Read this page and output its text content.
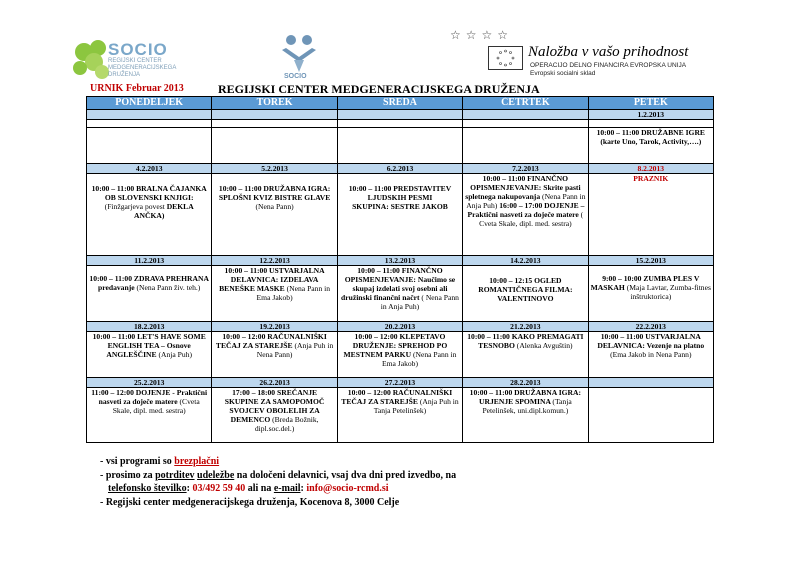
SOCIO
REGIJSKI CENTER MEDGENERACIJSKEGA DRUŽENJA	SOCIO
☆ ☆ ☆ ☆
Naložba v vašo prihodnost
OPERACIJO DELNO FINANCIRA EVROPSKA UNIJA
Evropski socialni sklad
URNIK Februar 2013	REGIJSKI CENTER MEDGENERACIJSKEGA DRUŽENJA
PONEDELJEK	TOREK	SREDA	ČETRTEK	PETEK
				1.2.2013

				10:00 – 11:00 DRUŽABNE IGRE (karte Uno, Tarok, Activity,….)
4.2.2013	5.2.2013	6.2.2013	7.2.2013	8.2.2013

10:00 – 11:00 BRALNA ČAJANKA OB SLOVENSKI KNJIGI: (Finžgarjeva povest DEKLA ANČKA)	10:00 – 11:00 DRUŽABNA IGRA: SPLOŠNI KVIZ BISTRE GLAVE (Nena Pann)	10:00 – 11:00 PREDSTAVITEV LJUDSKIH PESMI
SKUPINA: SESTRE JAKOB	10:00 – 11:00 FINANČNO OPISMENJEVANJE: Skrite pasti spletnega nakupovanja (Nena Pann in Anja Puh) 16:00 – 17:00 DOJENJE – Praktični nasveti za doječe matere ( Cveta Skale, dipl. med. sestra)	PRAZNIK
11.2.2013	12.2.2013	13.2.2013	14.2.2013	15.2.2013

10:00 – 11:00 ZDRAVA PREHRANA predavanje (Nena Pann živ. teh.)	10:00 – 11:00 USTVARJALNA DELAVNICA: IZDELAVA BENEŠKE MASKE (Nena Pann in Ema Jakob)	10:00 – 11:00 FINANČNO OPISMENJEVANJE: Naučimo se skupaj izdelati svoj osebni ali družinski finančni načrt ( Nena Pann in Anja Puh)	10:00 – 12:15 OGLED ROMANTIČNEGA FILMA: VALENTINOVO	9:00 – 10:00 ZUMBA PLES V MASKAH (Maja Lavtar, Zumba-fitnes inštruktorica)

18.2.2013	19.2.2013	20.2.2013	21.2.2013	22.2.2013
10:00 – 11:00 LET'S HAVE SOME ENGLISH TEA – Osnove ANGLEŠČINE (Anja Puh)	10:00 – 12:00 RAČUNALNIŠKI TEČAJ ZA STAREJŠE (Anja Puh in Nena Pann)	10:00 – 12:00 KLEPETAVO DRUŽENJE: SPREHOD PO MESTNEM PARKU (Nena Pann in Ema Jakob)	10:00 – 11:00 KAKO PREMAGATI TESNOBO (Alenka Avguštin)	10:00 – 11:00 USTVARJALNA DELAVNICA: Vezenje na platno (Ema Jakob in Nena Pann)
25.2.2013	26.2.2013	27.2.2013	28.2.2013	
11:00 – 12:00 DOJENJE - Praktični nasveti za doječe matere (Cveta Skale, dipl. med. sestra)	17:00 – 18:00 SREČANJE SKUPINE ZA SAMOPOMOČ SVOJCEV OBOLELIH ZA DEMENCO (Breda Božnik, dipl.soc.del.)	10:00 – 12:00 RAČUNALNIŠKI TEČAJ ZA STAREJŠE (Anja Puh in Tanja Petelinšek)	10:00 – 11:00 DRUŽABNA IGRA: URJENJE SPOMINA (Tanja Petelinšek, uni.dipl.komun.)	
- vsi programi so brezplačni
- prosimo za potrditev udeležbe na določeni delavnici, vsaj dva dni pred izvedbo, na
telefonsko številko: 03/492 59 40 ali na e-mail: info@socio-rcmd.si
- Regijski center medgeneracijskega druženja, Kocenova 8, 3000 Celje
